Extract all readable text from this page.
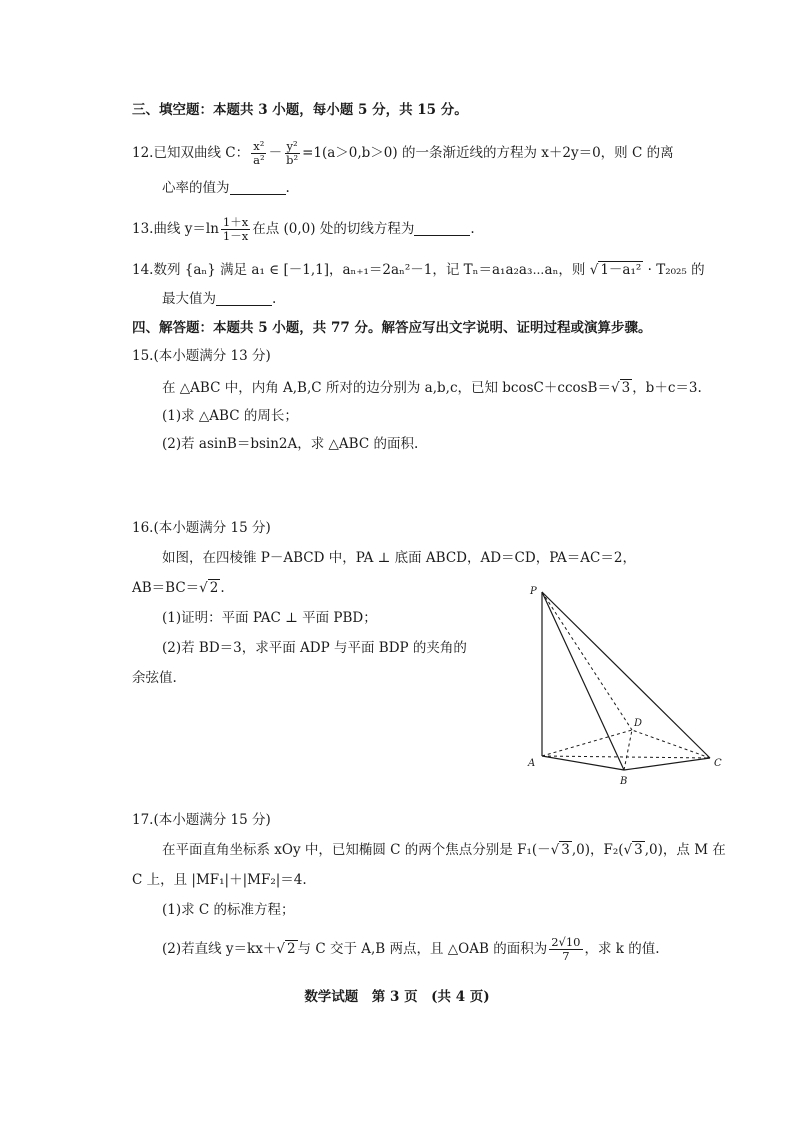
三、填空题：本题共 3 小题，每小题 5 分，共 15 分。
12.已知双曲线 C： $\frac{\text{x²}}{\text{a²}} - \frac{\text{y²}}{\text{b²}} =1(a>0,b>0)$ 的一条渐近线的方程为 x＋2y＝0，则 C 的离
心率的值为	.
13.曲线 $y=\ln \frac{1+x}{1-x}$ 在点 (0,0) 处的切线方程为	.
14.数列 {aₙ} 满足 a₁ ∈ [－1,1]，aₙ₊₁＝2aₙ²－1，记 Tₙ＝a₁a₂a₃⋯aₙ，则 √ 1－a₁² · T₂₀₂₅ 的
最大值为	.
四、解答题：本题共 5 小题，共 77 分。解答应写出文字说明、证明过程或演算步骤。
15.(本小题满分 13 分)
在 △ABC 中，内角 A,B,C 所对的边分别为 a,b,c，已知 bcosC＋ccosB＝√ 3 ，b＋c＝3.
(1)求 △ABC 的周长；
(2)若 asinB＝bsin2A，求 △ABC 的面积.
16.(本小题满分 15 分)
如图，在四棱锥 P－ABCD 中，PA ⊥ 底面 ABCD，AD＝CD，PA＝AC＝2，
AB＝BC＝√ 2 .
(1)证明：平面 PAC ⊥ 平面 PBD；
(2)若 BD＝3，求平面 ADP 与平面 BDP 的夹角的
余弦值.
P
A
B
C
D
17.(本小题满分 15 分)
在平面直角坐标系 xOy 中，已知椭圆 C 的两个焦点分别是 F₁(－√ 3 ,0)，F₂(√ 3 ,0)，点 M 在
C 上，且 |MF₁|＋|MF₂|＝4.
(1)求 C 的标准方程；
(2)若直线 y＝kx＋√ 2 与 C 交于 A,B 两点，且 △OAB 的面积为 $\frac{2√10}{7}$ ，求 k 的值.
数学试题　第 3 页　(共 4 页)
